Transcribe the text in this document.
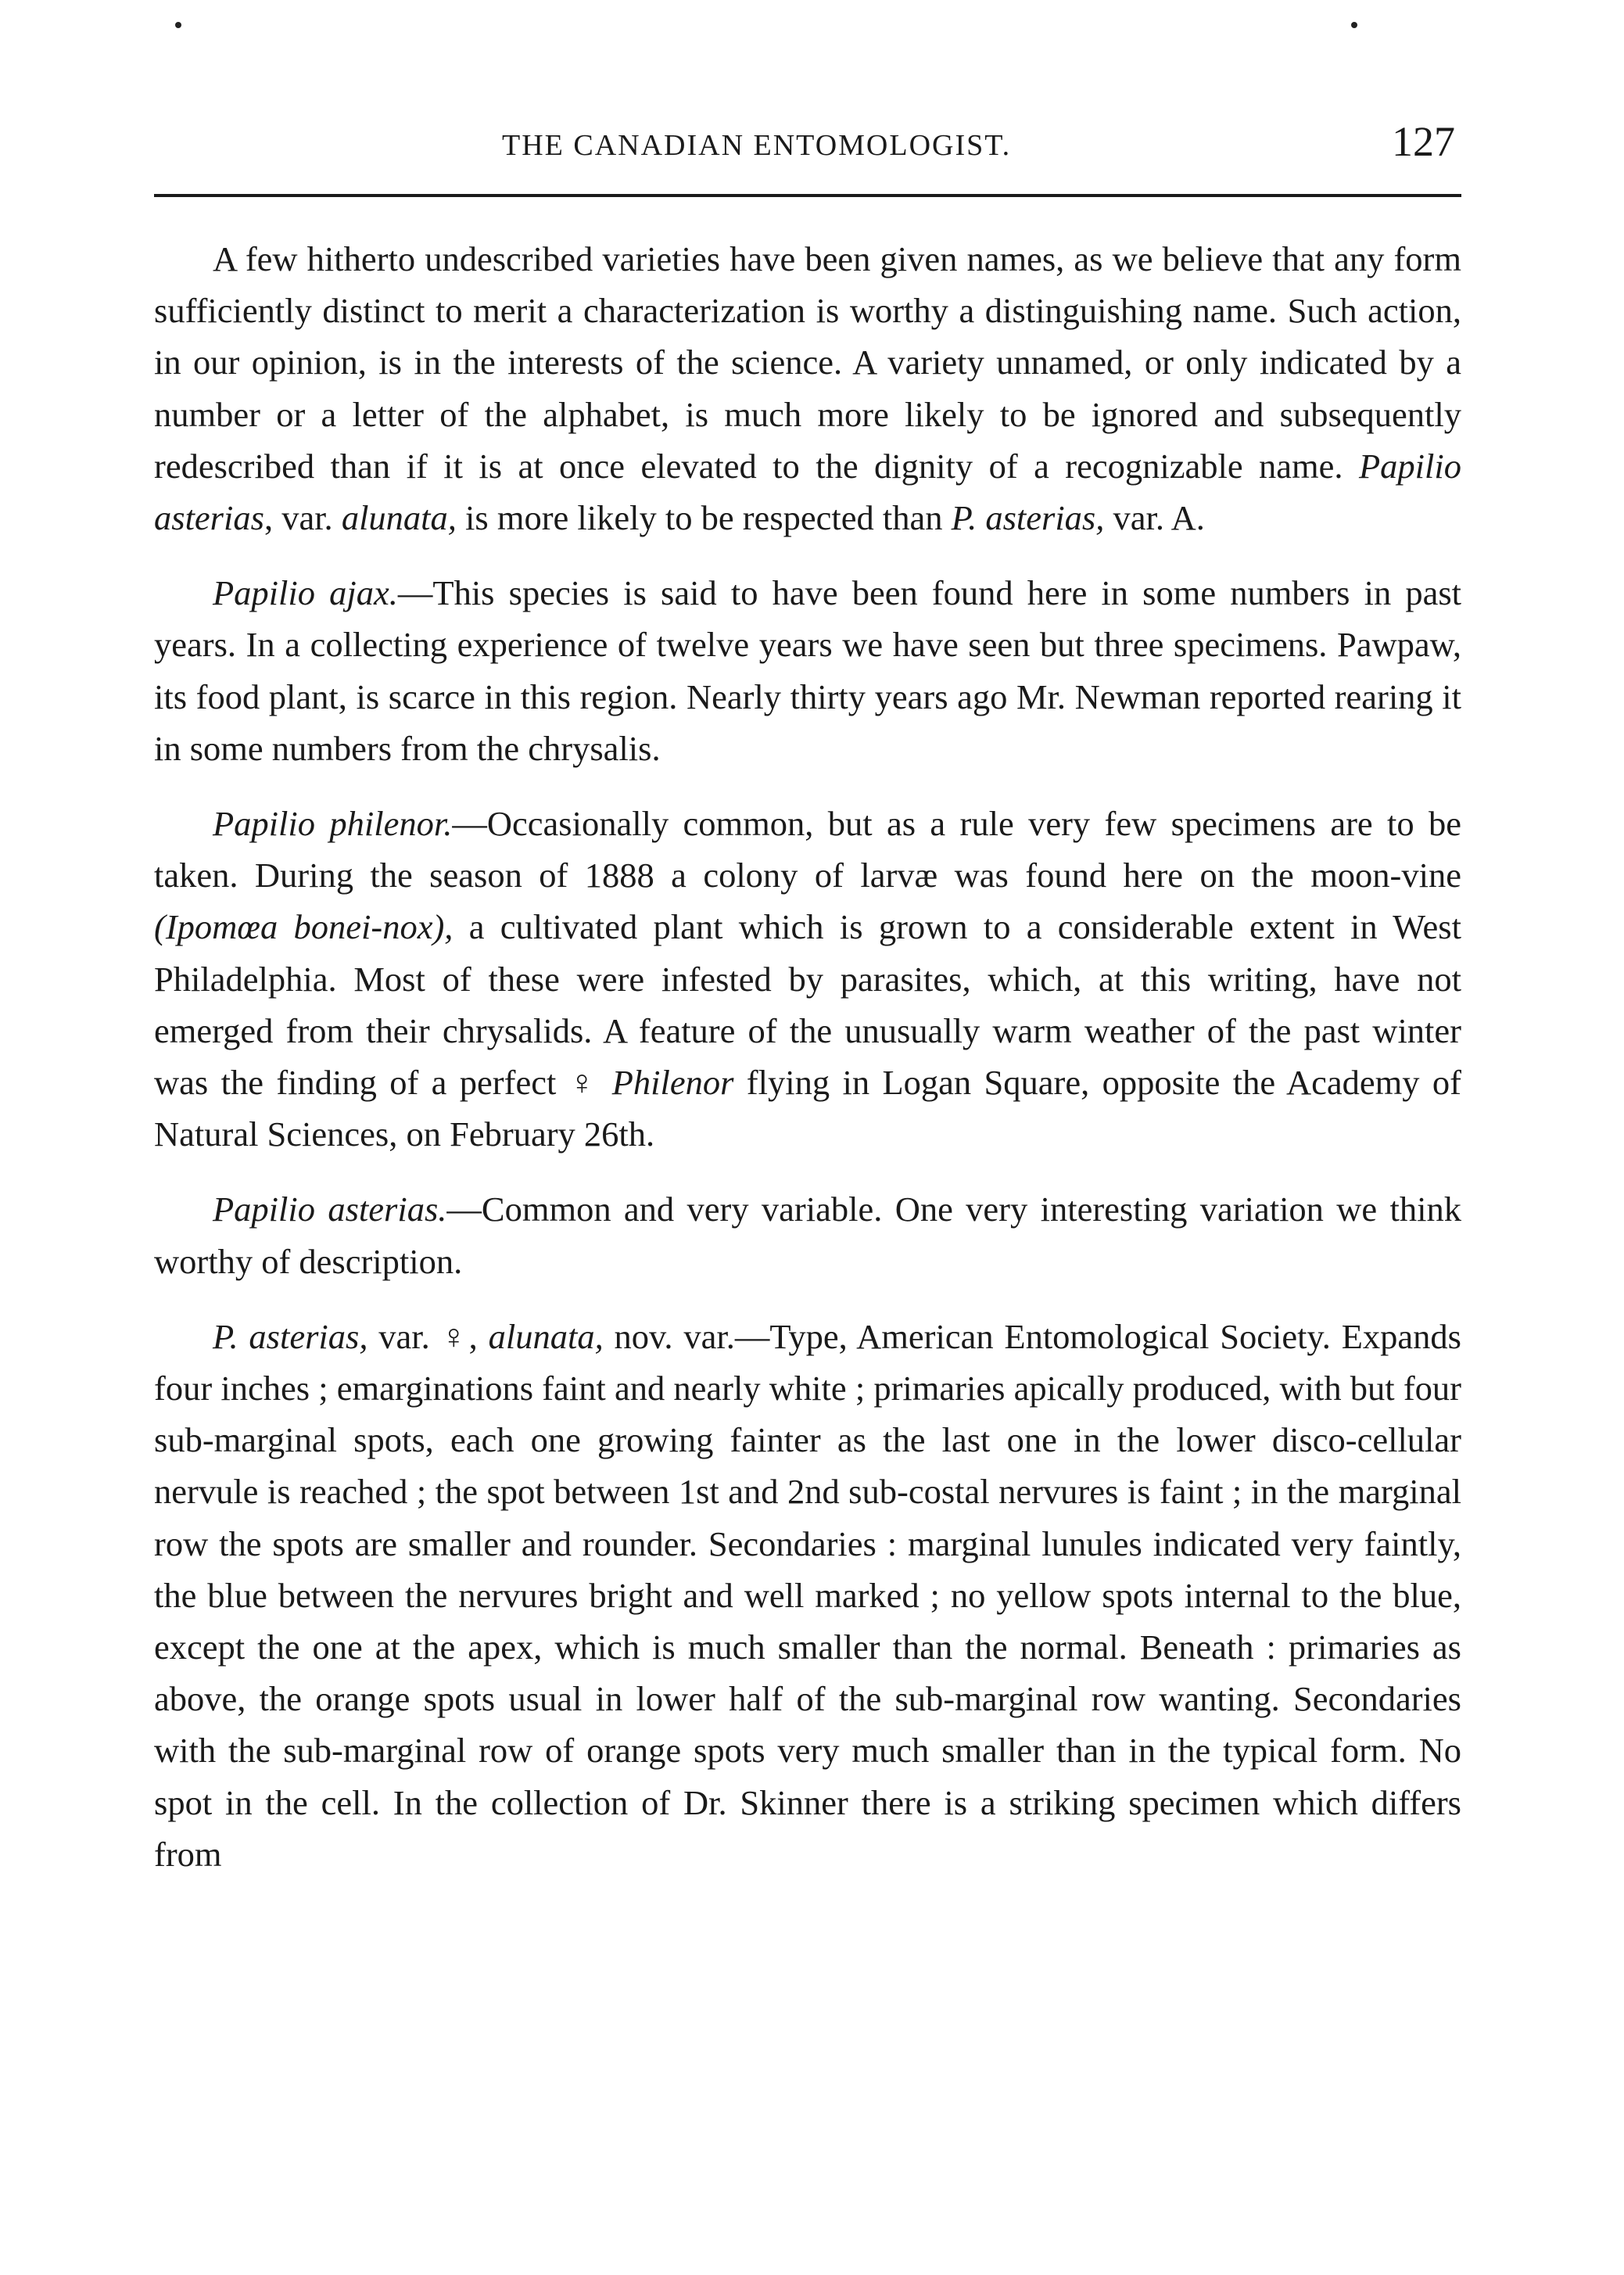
THE CANADIAN ENTOMOLOGIST.	127

A few hitherto undescribed varieties have been given names, as we believe that any form sufficiently distinct to merit a characterization is worthy a distinguishing name. Such action, in our opinion, is in the interests of the science. A variety unnamed, or only indicated by a number or a letter of the alphabet, is much more likely to be ignored and subsequently redescribed than if it is at once elevated to the dignity of a recognizable name. Papilio asterias, var. alunata, is more likely to be respected than P. asterias, var. A.

Papilio ajax.—This species is said to have been found here in some numbers in past years. In a collecting experience of twelve years we have seen but three specimens. Pawpaw, its food plant, is scarce in this region. Nearly thirty years ago Mr. Newman reported rearing it in some numbers from the chrysalis.

Papilio philenor.—Occasionally common, but as a rule very few specimens are to be taken. During the season of 1888 a colony of larvæ was found here on the moon-vine (Ipomœa bonei-nox), a cultivated plant which is grown to a considerable extent in West Philadelphia. Most of these were infested by parasites, which, at this writing, have not emerged from their chrysalids. A feature of the unusually warm weather of the past winter was the finding of a perfect ♀ Philenor flying in Logan Square, opposite the Academy of Natural Sciences, on February 26th.

Papilio asterias.—Common and very variable. One very interesting variation we think worthy of description.

P. asterias, var. ♀, alunata, nov. var.—Type, American Entomological Society. Expands four inches ; emarginations faint and nearly white ; primaries apically produced, with but four sub-marginal spots, each one growing fainter as the last one in the lower disco-cellular nervule is reached ; the spot between 1st and 2nd sub-costal nervures is faint ; in the marginal row the spots are smaller and rounder. Secondaries : marginal lunules indicated very faintly, the blue between the nervures bright and well marked ; no yellow spots internal to the blue, except the one at the apex, which is much smaller than the normal. Beneath : primaries as above, the orange spots usual in lower half of the sub-marginal row wanting. Secondaries with the sub-marginal row of orange spots very much smaller than in the typical form. No spot in the cell. In the collection of Dr. Skinner there is a striking specimen which differs from
